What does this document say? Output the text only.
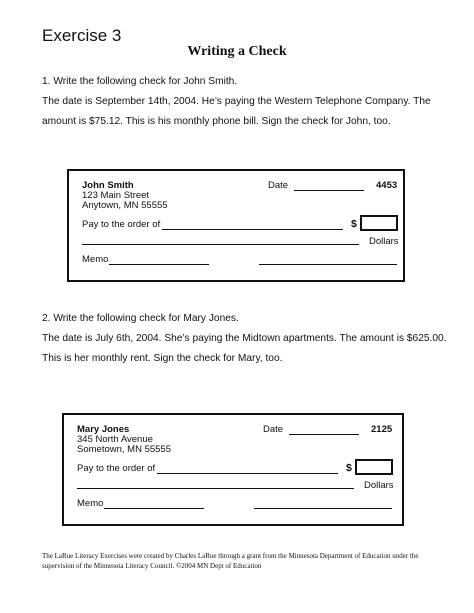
Exercise 3
Writing a Check
1. Write the following check for John Smith.
The date is September 14th, 2004. He’s paying the Western Telephone Company. The
amount is $75.12. This is his monthly phone bill. Sign the check for John, too.
John Smith
123 Main Street
Anytown, MN 55555
Date	4453
Pay to the order of	$
Dollars
Memo
2. Write the following check for Mary Jones.
The date is July 6th, 2004. She’s paying the Midtown apartments. The amount is $625.00.
This is her monthly rent. Sign the check for Mary, too.
Mary Jones
345 North Avenue
Sometown, MN 55555
Date	2125
Pay to the order of	$
Dollars
Memo
The LaRue Literacy Exercises were created by Charles LaRue through a grant from the Minnesota Department of Education under the supervision of the Minnesota Literacy Council. ©2004 MN Dept of Education
